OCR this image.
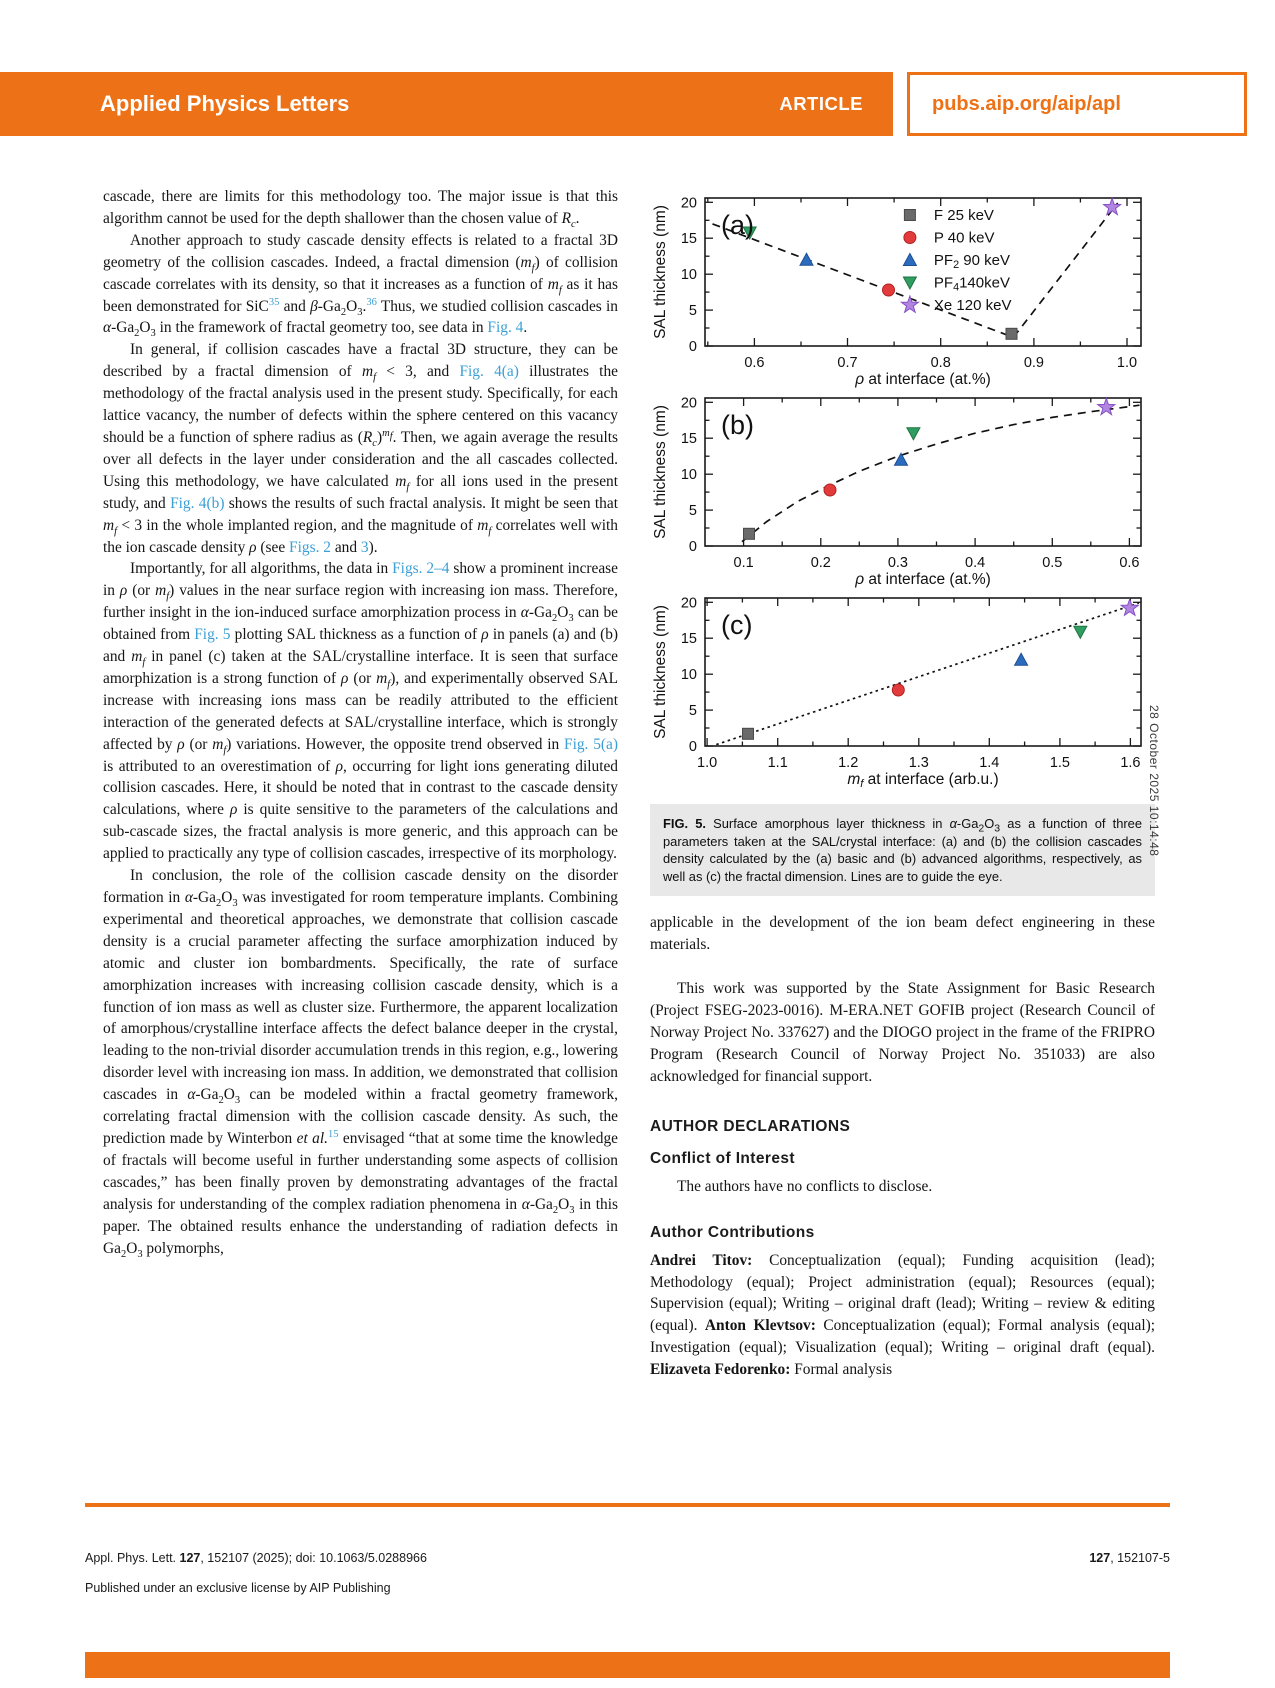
Applied Physics Letters	ARTICLE	pubs.aip.org/aip/apl

cascade, there are limits for this methodology too. The major issue is that this algorithm cannot be used for the depth shallower than the chosen value of $R_c$.

Another approach to study cascade density effects is related to a fractal 3D geometry of the collision cascades. Indeed, a fractal dimension $(m_f)$ of collision cascade correlates with its density, so that it increases as a function of $m_f$ as it has been demonstrated for SiC$^{35}$ and $\beta-Ga_2O_3.^{36}$ Thus, we studied collision cascades in $\alpha-Ga_2O_3$ in the framework of fractal geometry too, see data in Fig. 4.

In general, if collision cascades have a fractal 3D structure, they can be described by a fractal dimension of $m_f < 3$, and Fig. 4(a) illustrates the methodology of the fractal analysis used in the present study. Specifically, for each lattice vacancy, the number of defects within the sphere centered on this vacancy should be a function of sphere radius as $(R_c)^{m_f}$. Then, we again average the results over all defects in the layer under consideration and the all cascades collected. Using this methodology, we have calculated $m_f$ for all ions used in the present study, and Fig. 4(b) shows the results of such fractal analysis. It might be seen that $m_f < 3$ in the whole implanted region, and the magnitude of $m_f$ correlates well with the ion cascade density ρ (see Figs. 2 and 3).

Importantly, for all algorithms, the data in Figs. 2–4 show a prominent increase in ρ (or $m_f$) values in the near surface region with increasing ion mass. Therefore, further insight in the ion-induced surface amorphization process in $\alpha-Ga_2O_3$ can be obtained from Fig. 5 plotting SAL thickness as a function of ρ in panels (a) and (b) and $m_f$ in panel (c) taken at the SAL/crystalline interface. It is seen that surface amorphization is a strong function of ρ (or $m_f$), and experimentally observed SAL increase with increasing ions mass can be readily attributed to the efficient interaction of the generated defects at SAL/crystalline interface, which is strongly affected by ρ (or $m_f$) variations. However, the opposite trend observed in Fig. 5(a) is attributed to an overestimation of ρ, occurring for light ions generating diluted collision cascades. Here, it should be noted that in contrast to the cascade density calculations, where ρ is quite sensitive to the parameters of the calculations and sub-cascade sizes, the fractal analysis is more generic, and this approach can be applied to practically any type of collision cascades, irrespective of its morphology.

In conclusion, the role of the collision cascade density on the disorder formation in $\alpha-Ga_2O_3$ was investigated for room temperature implants. Combining experimental and theoretical approaches, we demonstrate that collision cascade density is a crucial parameter affecting the surface amorphization induced by atomic and cluster ion bombardments. Specifically, the rate of surface amorphization increases with increasing collision cascade density, which is a function of ion mass as well as cluster size. Furthermore, the apparent localization of amorphous/crystalline interface affects the defect balance deeper in the crystal, leading to the non-trivial disorder accumulation trends in this region, e.g., lowering disorder level with increasing ion mass. In addition, we demonstrated that collision cascades in $\alpha-Ga_2O_3$ can be modeled within a fractal geometry framework, correlating fractal dimension with the collision cascade density. As such, the prediction made by Winterbon et al.$^{15}$ envisaged “that at some time the knowledge of fractals will become useful in further understanding some aspects of collision cascades,” has been finally proven by demonstrating advantages of the fractal analysis for understanding of the complex radiation phenomena in $\alpha-Ga_2O_3$ in this paper. The obtained results enhance the understanding of radiation defects in $Ga_2O_3$ polymorphs,

0.6	0.7	0.8	0.9	1.0
0
5
10
15
20
F 25 keV
P 40 keV
$PF_2$ 90 keV
$PF_4140keV$
Xe 120 keV
(a)
ρ at interface (at.%)
SAL thickness (nm)
0.1	0.2	0.3	0.4	0.5	0.6
0
5
10
15
20
(b)
ρ at interface (at.%)
SAL thickness (nm)
1.0	1.1	1.2	1.3	1.4	1.5	1.6
0
5
10
15
20
(c)
mf at interface (arb.u.)
SAL thickness (nm)
FIG. 5. Surface amorphous layer thickness in $\alpha-Ga_2O_3$ as a function of three parameters taken at the SAL/crystal interface: (a) and (b) the collision cascades density calculated by the (a) basic and (b) advanced algorithms, respectively, as well as (c) the fractal dimension. Lines are to guide the eye.

applicable in the development of the ion beam defect engineering in these materials.

This work was supported by the State Assignment for Basic Research (Project FSEG-2023-0016). M-ERA.NET GOFIB project (Research Council of Norway Project No. 337627) and the DIOGO project in the frame of the FRIPRO Program (Research Council of Norway Project No. 351033) are also acknowledged for financial support.

AUTHOR DECLARATIONS
Conflict of Interest

The authors have no conflicts to disclose.

Author Contributions

Andrei Titov: Conceptualization (equal); Funding acquisition (lead); Methodology (equal); Project administration (equal); Resources (equal); Supervision (equal); Writing – original draft (lead); Writing – review & editing (equal). Anton Klevtsov: Conceptualization (equal); Formal analysis (equal); Investigation (equal); Visualization (equal); Writing – original draft (equal). Elizaveta Fedorenko: Formal analysis

28 October 2025 10:14:48
Appl. Phys. Lett. 127, 152107 (2025); doi: 10.1063/5.0288966
Published under an exclusive license by AIP Publishing
127, 152107-5
